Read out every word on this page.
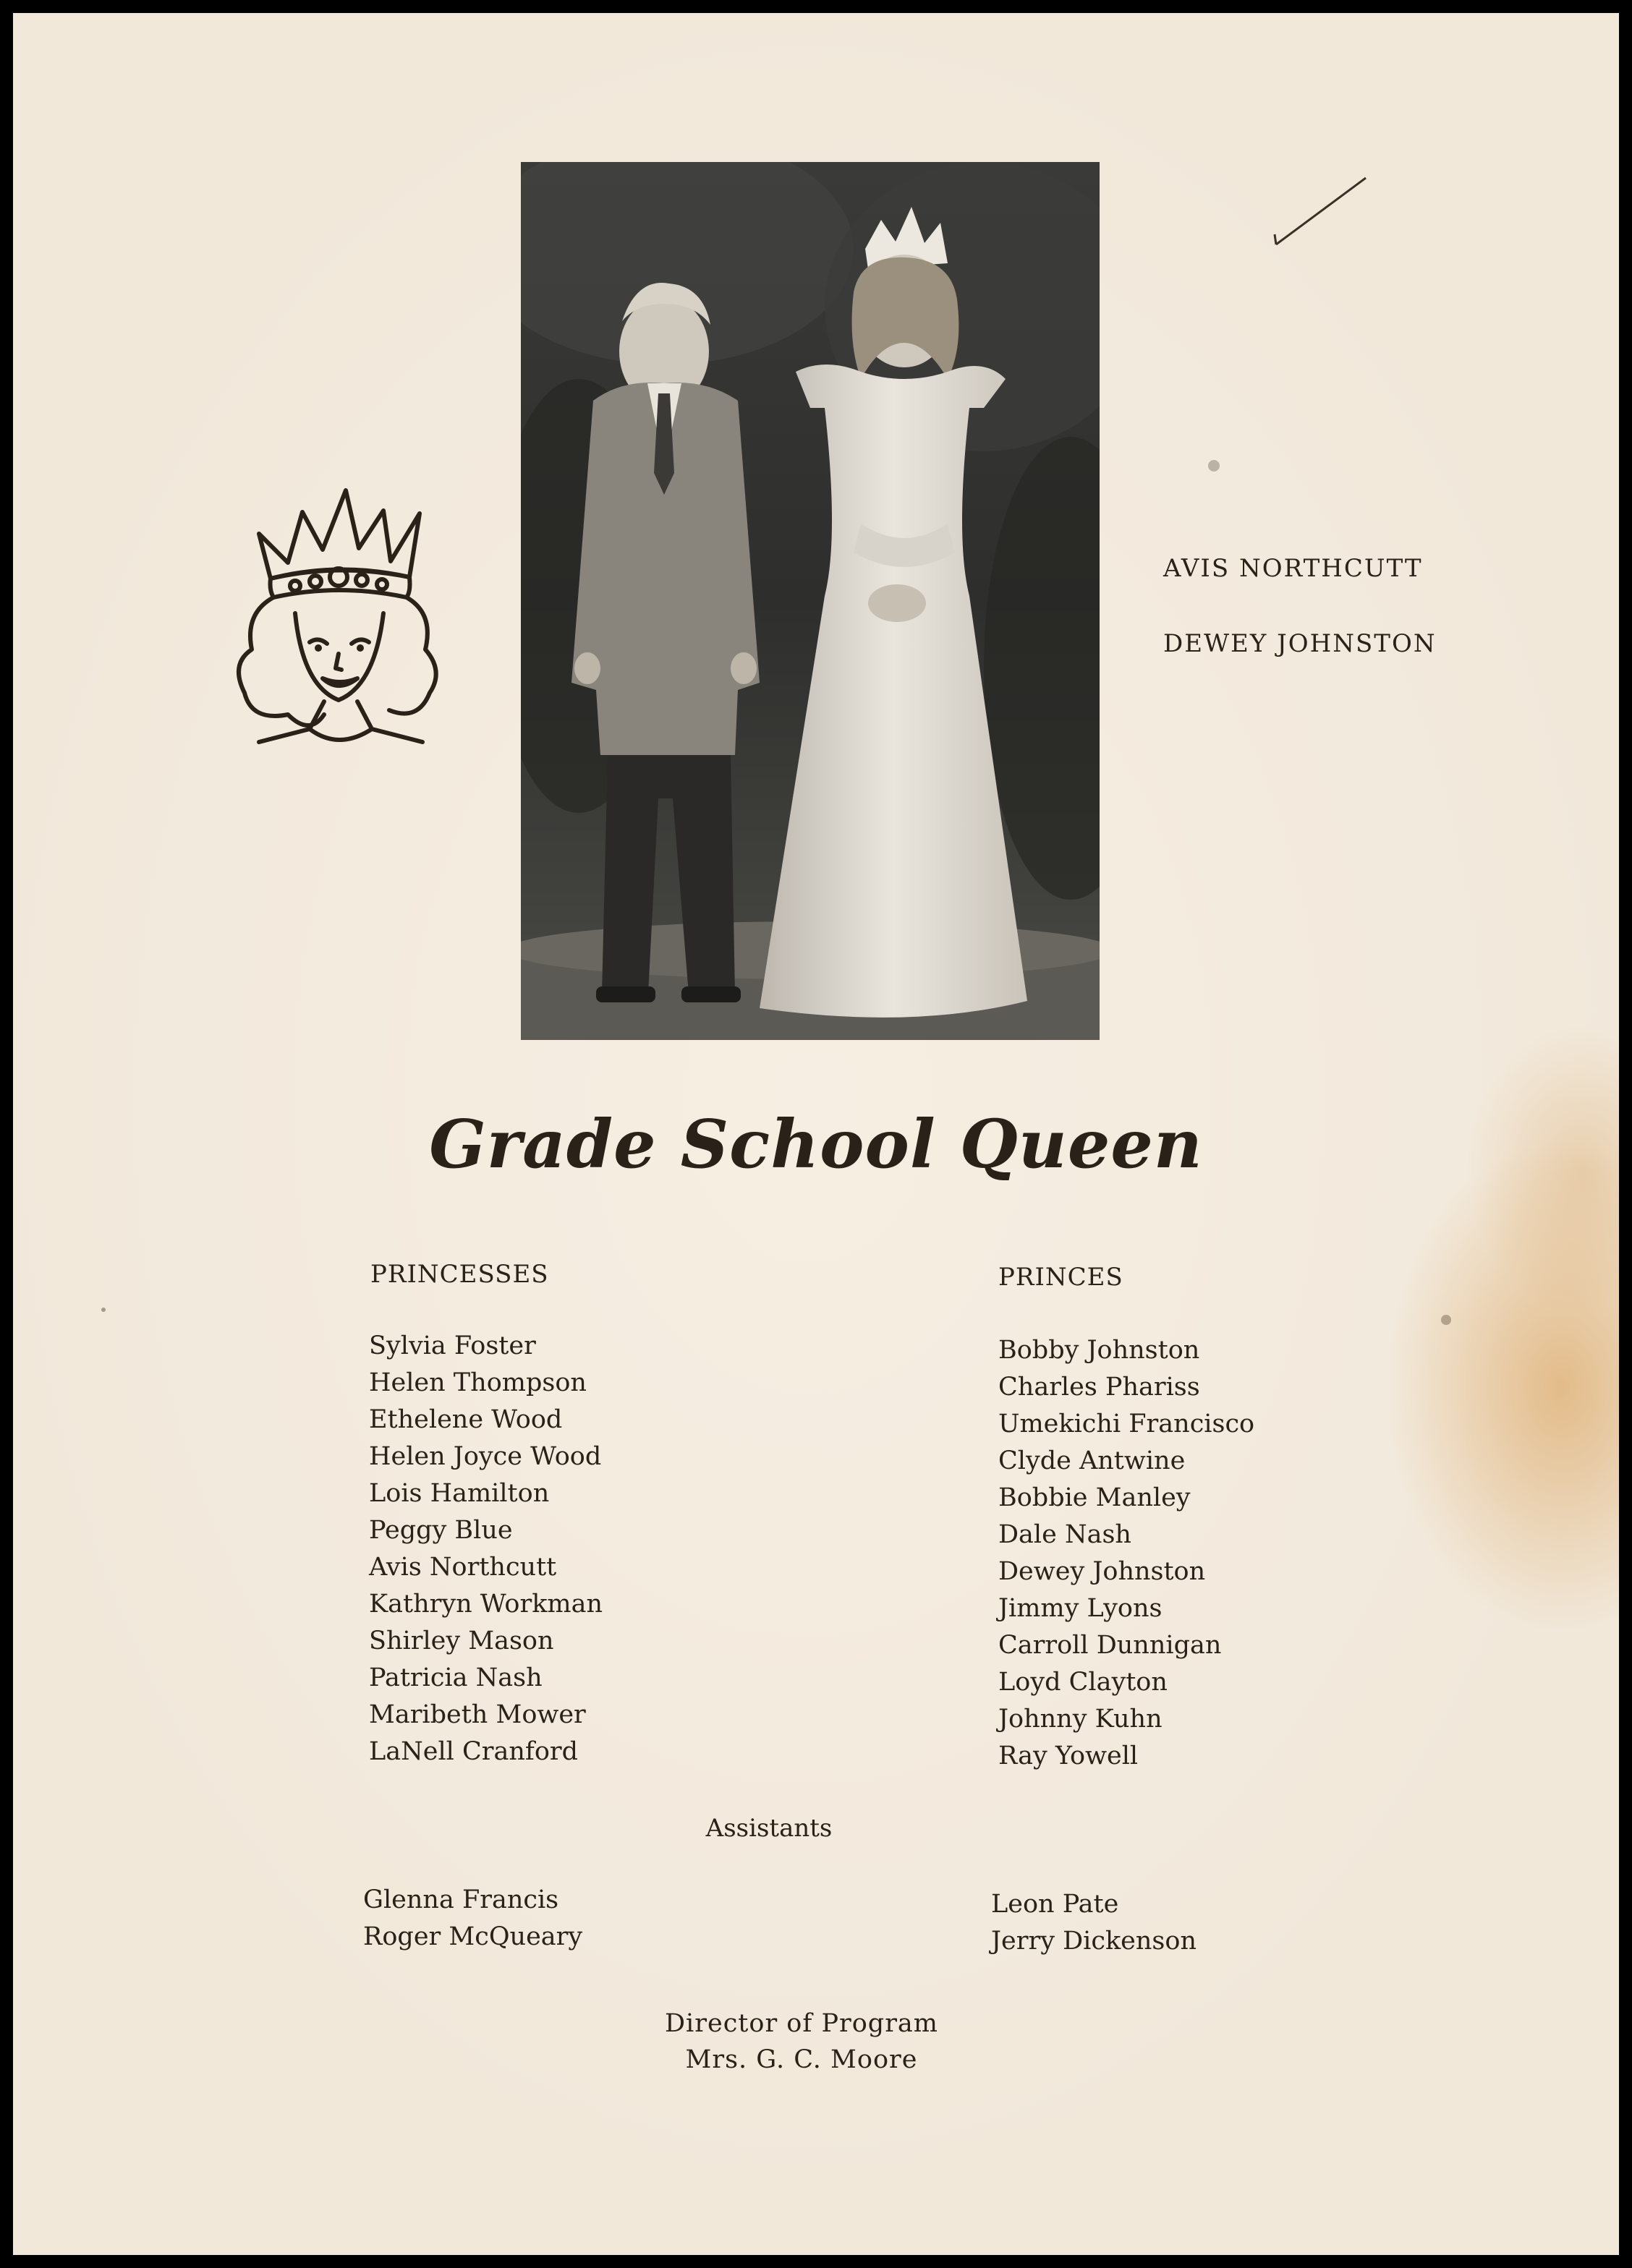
AVIS NORTHCUTT
DEWEY JOHNSTON
Grade School Queen
PRINCESSES
Sylvia Foster
Helen Thompson
Ethelene Wood
Helen Joyce Wood
Lois Hamilton
Peggy Blue
Avis Northcutt
Kathryn Workman
Shirley Mason
Patricia Nash
Maribeth Mower
LaNell Cranford
PRINCES
Bobby Johnston
Charles Phariss
Umekichi Francisco
Clyde Antwine
Bobbie Manley
Dale Nash
Dewey Johnston
Jimmy Lyons
Carroll Dunnigan
Loyd Clayton
Johnny Kuhn
Ray Yowell
Assistants
Glenna Francis
Roger McQueary
Leon Pate
Jerry Dickenson
Director of Program
Mrs. G. C. Moore
